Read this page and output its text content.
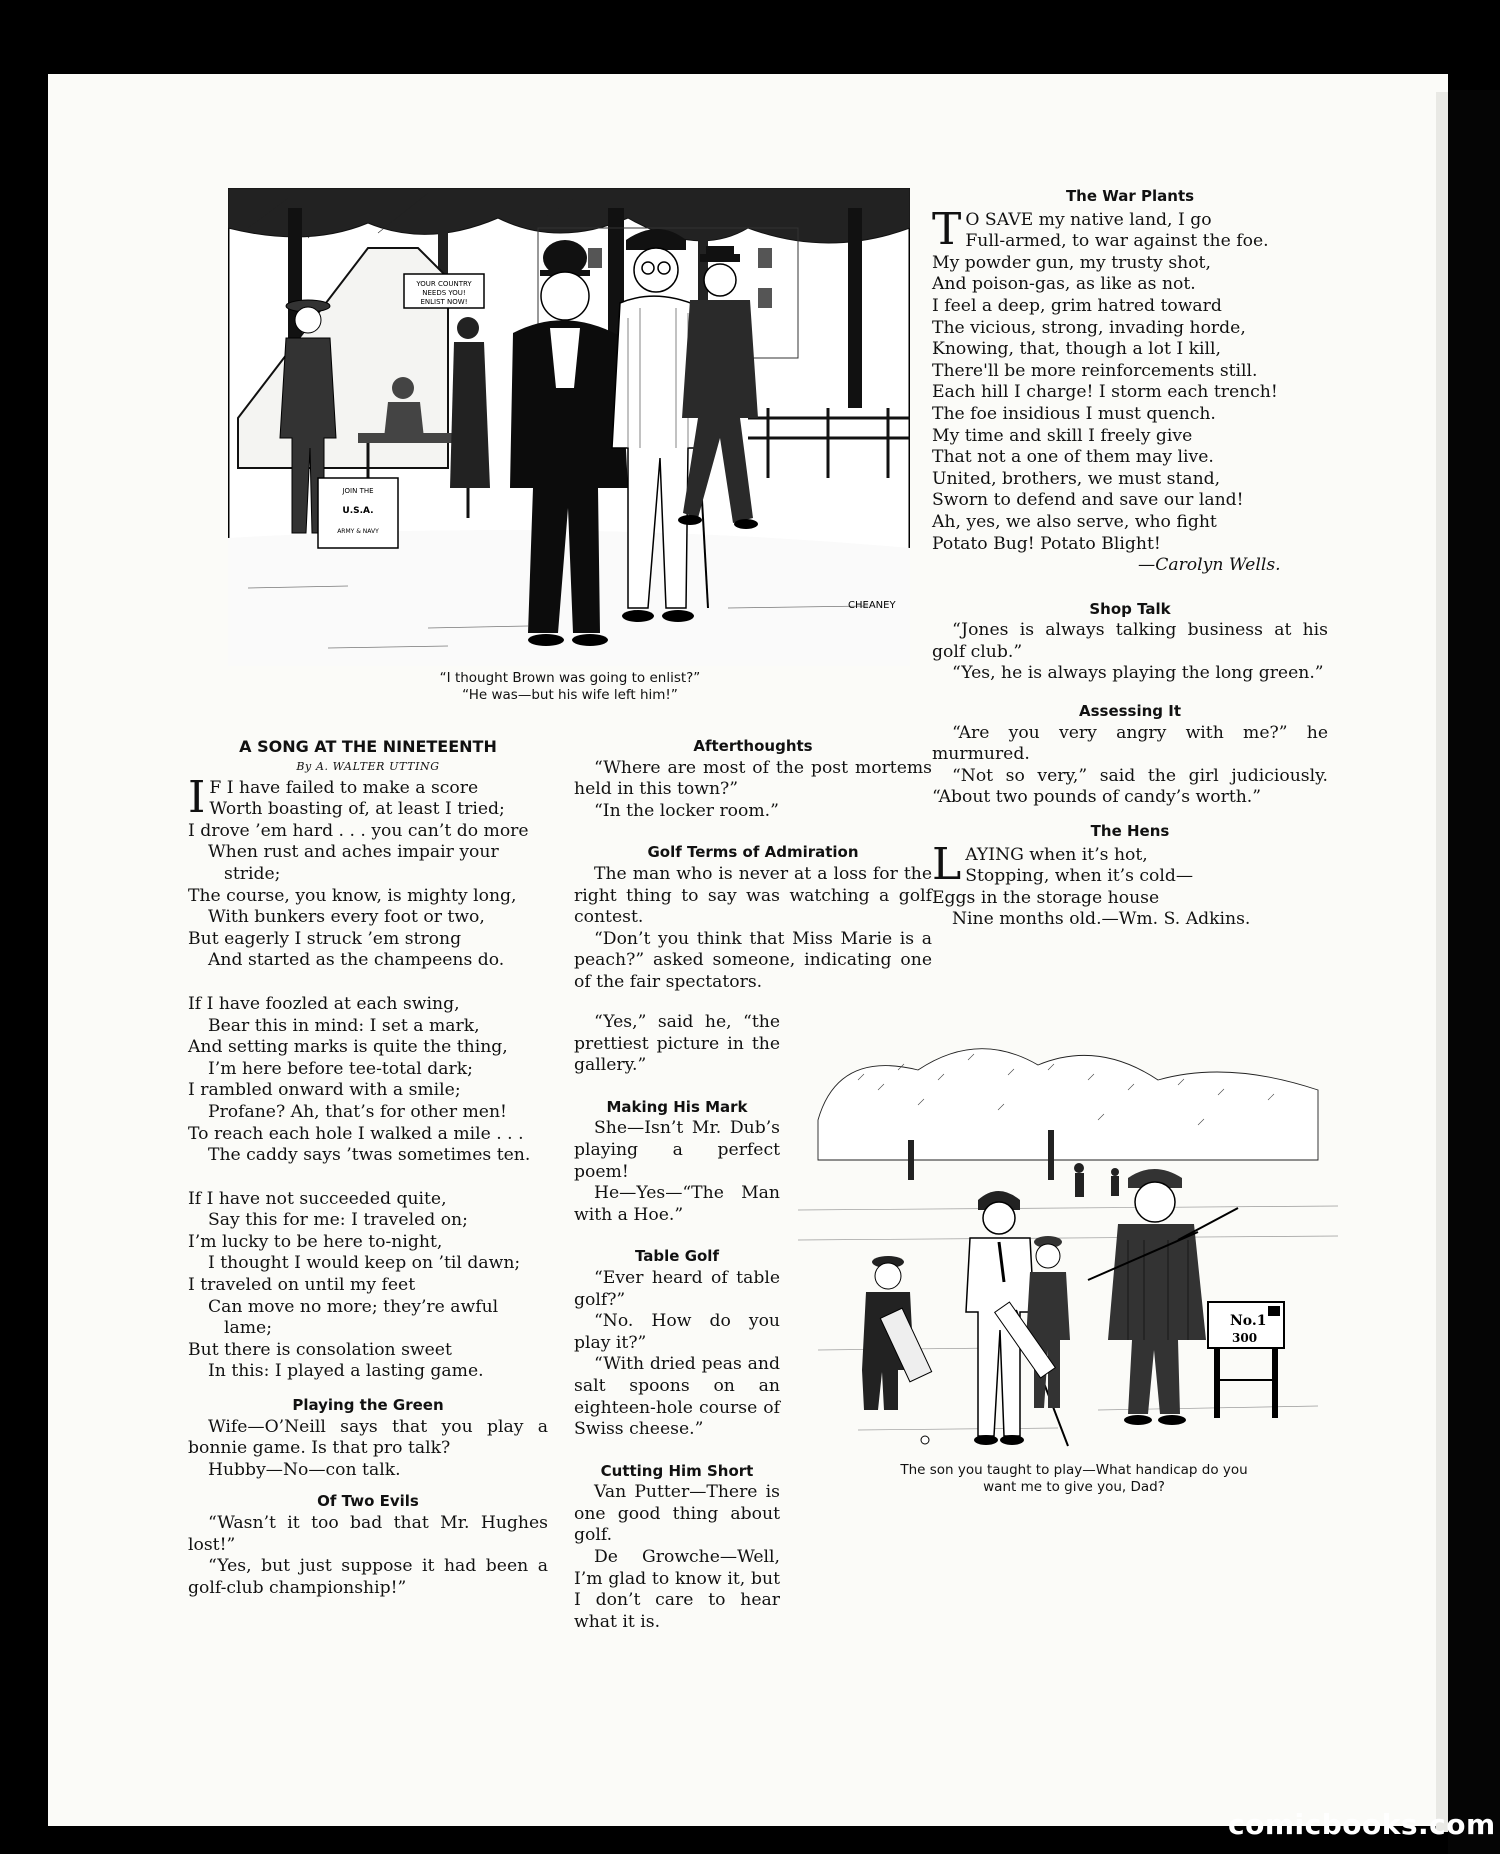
YOUR COUNTRY
NEEDS YOU!
ENLIST NOW!
JOIN THE
U.S.A.
ARMY & NAVY
CHEANEY
“I thought Brown was going to enlist?”
“He was—but his wife left him!”
The War Plants
T O SAVE my native land, I go
Full-armed, to war against the foe.
My powder gun, my trusty shot,
And poison-gas, as like as not.
I feel a deep, grim hatred toward
The vicious, strong, invading horde,
Knowing, that, though a lot I kill,
There'll be more reinforcements still.
Each hill I charge! I storm each trench!
The foe insidious I must quench.
My time and skill I freely give
That not a one of them may live.
United, brothers, we must stand,
Sworn to defend and save our land!
Ah, yes, we also serve, who fight
Potato Bug! Potato Blight!
—Carolyn Wells.
Shop Talk

“Jones is always talking business at his golf club.”

“Yes, he is always playing the long green.”

Assessing It

“Are you very angry with me?” he murmured.

“Not so very,” said the girl judiciously. “About two pounds of candy’s worth.”

The Hens
L AYING when it’s hot,
Stopping, when it’s cold—
Eggs in the storage house
Nine months old.—Wm. S. Adkins.
A SONG AT THE NINETEENTH
By A. WALTER UTTING
I F I have failed to make a score
Worth boasting of, at least I tried;
I drove ’em hard . . . you can’t do more
When rust and aches impair your
stride;
The course, you know, is mighty long,
With bunkers every foot or two,
But eagerly I struck ’em strong
And started as the champeens do.
If I have foozled at each swing,
Bear this in mind: I set a mark,
And setting marks is quite the thing,
I’m here before tee-total dark;
I rambled onward with a smile;
Profane? Ah, that’s for other men!
To reach each hole I walked a mile . . .
The caddy says ’twas sometimes ten.
If I have not succeeded quite,
Say this for me: I traveled on;
I’m lucky to be here to-night,
I thought I would keep on ’til dawn;
I traveled on until my feet
Can move no more; they’re awful
lame;
But there is consolation sweet
In this: I played a lasting game.
Playing the Green

Wife—O’Neill says that you play a bonnie game. Is that pro talk?

Hubby—No—con talk.

Of Two Evils

“Wasn’t it too bad that Mr. Hughes lost!”

“Yes, but just suppose it had been a golf-club championship!”

Afterthoughts

“Where are most of the post mortems held in this town?”

“In the locker room.”

Golf Terms of Admiration

The man who is never at a loss for the right thing to say was watching a golf contest.

“Don’t you think that Miss Marie is a peach?” asked someone, indicating one of the fair spectators.

“Yes,” said he, “the prettiest picture in the gallery.”

Making His Mark

She—Isn’t Mr. Dub’s playing a perfect poem!

He—Yes—“The Man with a Hoe.”

Table Golf

“Ever heard of table golf?”

“No. How do you play it?”

“With dried peas and salt spoons on an eighteen-hole course of Swiss cheese.”

Cutting Him Short

Van Putter—There is one good thing about golf.

De Growche—Well, I’m glad to know it, but I don’t care to hear what it is.

No.1
300
The son you taught to play—What handicap do you
want me to give you, Dad?
comicbooks.com
